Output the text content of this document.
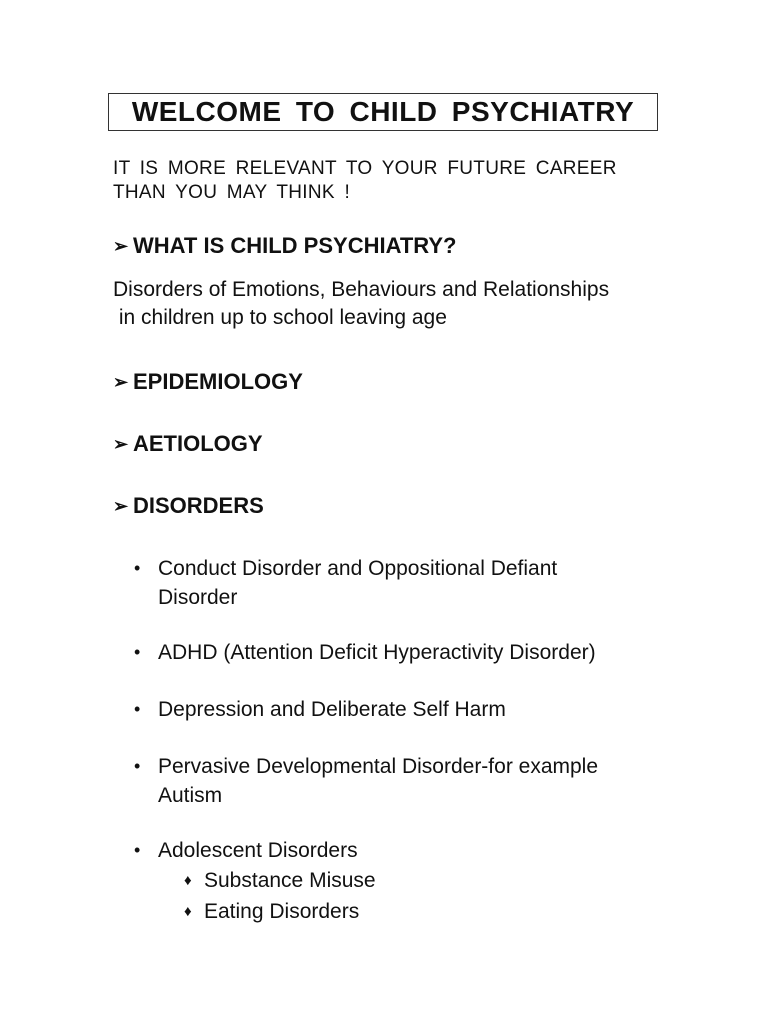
WELCOME TO CHILD PSYCHIATRY
IT IS MORE RELEVANT TO YOUR FUTURE CAREER
THAN YOU MAY THINK !
➢ WHAT IS CHILD PSYCHIATRY?
Disorders of Emotions, Behaviours and Relationships
in children up to school leaving age
➢ EPIDEMIOLOGY
➢ AETIOLOGY
➢ DISORDERS
• Conduct Disorder and Oppositional Defiant
Disorder
• ADHD (Attention Deficit Hyperactivity Disorder)
• Depression and Deliberate Self Harm
• Pervasive Developmental Disorder-for example
Autism
• Adolescent Disorders
♦ Substance Misuse
♦ Eating Disorders
